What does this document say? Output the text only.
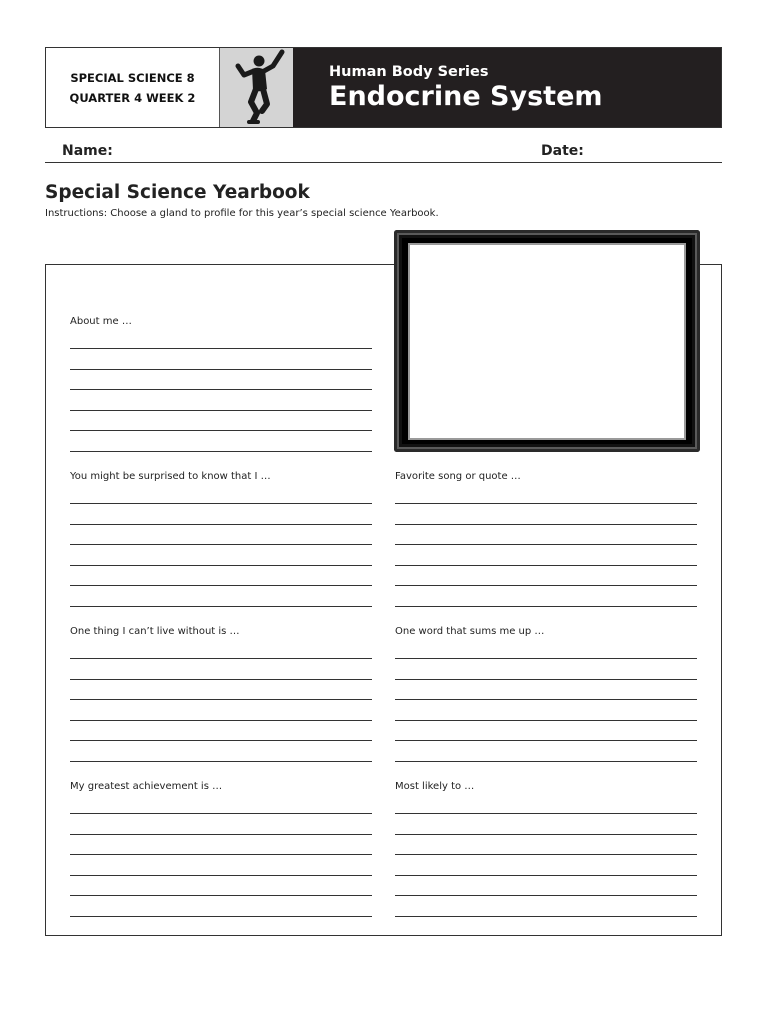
SPECIAL SCIENCE 8
QUARTER 4 WEEK 2
Human Body Series
Endocrine System
Name:	Date:
Special Science Yearbook
Instructions: Choose a gland to profile for this year’s special science Yearbook.
About me …
You might be surprised to know that I …	Favorite song or quote …
One thing I can’t live without is …	One word that sums me up …
My greatest achievement is …	Most likely to …
